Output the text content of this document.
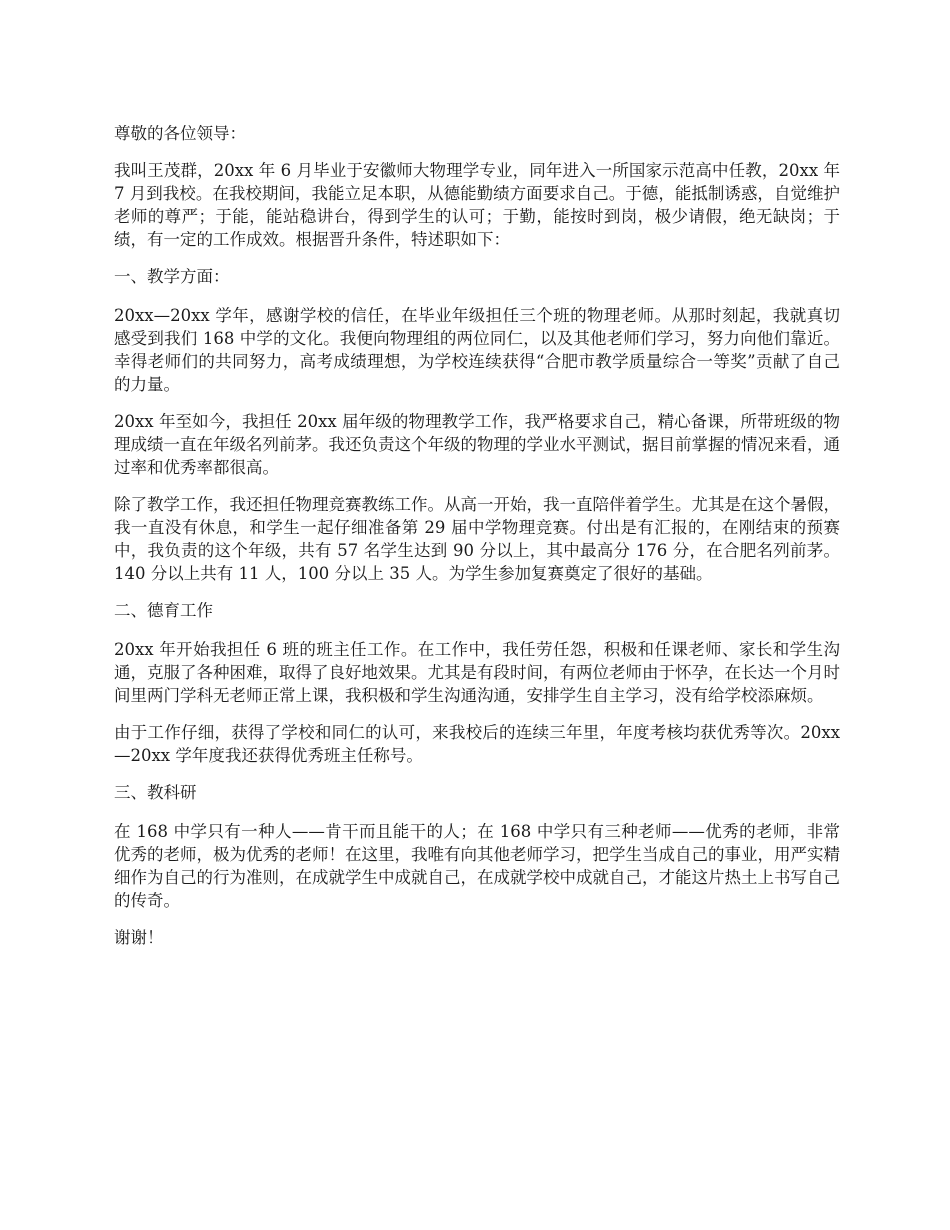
尊敬的各位领导：

我叫王茂群，20xx 年 6 月毕业于安徽师大物理学专业，同年进入一所国家示范高中任教，20xx 年 7 月到我校。在我校期间，我能立足本职，从德能勤绩方面要求自己。于德，能抵制诱惑，自觉维护老师的尊严；于能，能站稳讲台，得到学生的认可；于勤，能按时到岗，极少请假，绝无缺岗；于绩，有一定的工作成效。根据晋升条件，特述职如下：

一、教学方面：

20xx—20xx 学年，感谢学校的信任，在毕业年级担任三个班的物理老师。从那时刻起，我就真切感受到我们 168 中学的文化。我便向物理组的两位同仁，以及其他老师们学习，努力向他们靠近。幸得老师们的共同努力，高考成绩理想，为学校连续获得“合肥市教学质量综合一等奖”贡献了自己的力量。

20xx 年至如今，我担任 20xx 届年级的物理教学工作，我严格要求自己，精心备课，所带班级的物理成绩一直在年级名列前茅。我还负责这个年级的物理的学业水平测试，据目前掌握的情况来看，通过率和优秀率都很高。

除了教学工作，我还担任物理竞赛教练工作。从高一开始，我一直陪伴着学生。尤其是在这个暑假，我一直没有休息，和学生一起仔细准备第 29 届中学物理竞赛。付出是有汇报的，在刚结束的预赛中，我负责的这个年级，共有 57 名学生达到 90 分以上，其中最高分 176 分，在合肥名列前茅。140 分以上共有 11 人，100 分以上 35 人。为学生参加复赛奠定了很好的基础。

二、德育工作

20xx 年开始我担任 6 班的班主任工作。在工作中，我任劳任怨，积极和任课老师、家长和学生沟通，克服了各种困难，取得了良好地效果。尤其是有段时间，有两位老师由于怀孕，在长达一个月时间里两门学科无老师正常上课，我积极和学生沟通沟通，安排学生自主学习，没有给学校添麻烦。

由于工作仔细，获得了学校和同仁的认可，来我校后的连续三年里，年度考核均获优秀等次。20xx—20xx 学年度我还获得优秀班主任称号。

三、教科研

在 168 中学只有一种人——肯干而且能干的人；在 168 中学只有三种老师——优秀的老师，非常优秀的老师，极为优秀的老师！在这里，我唯有向其他老师学习，把学生当成自己的事业，用严实精细作为自己的行为准则，在成就学生中成就自己，在成就学校中成就自己，才能这片热土上书写自己的传奇。

谢谢！
